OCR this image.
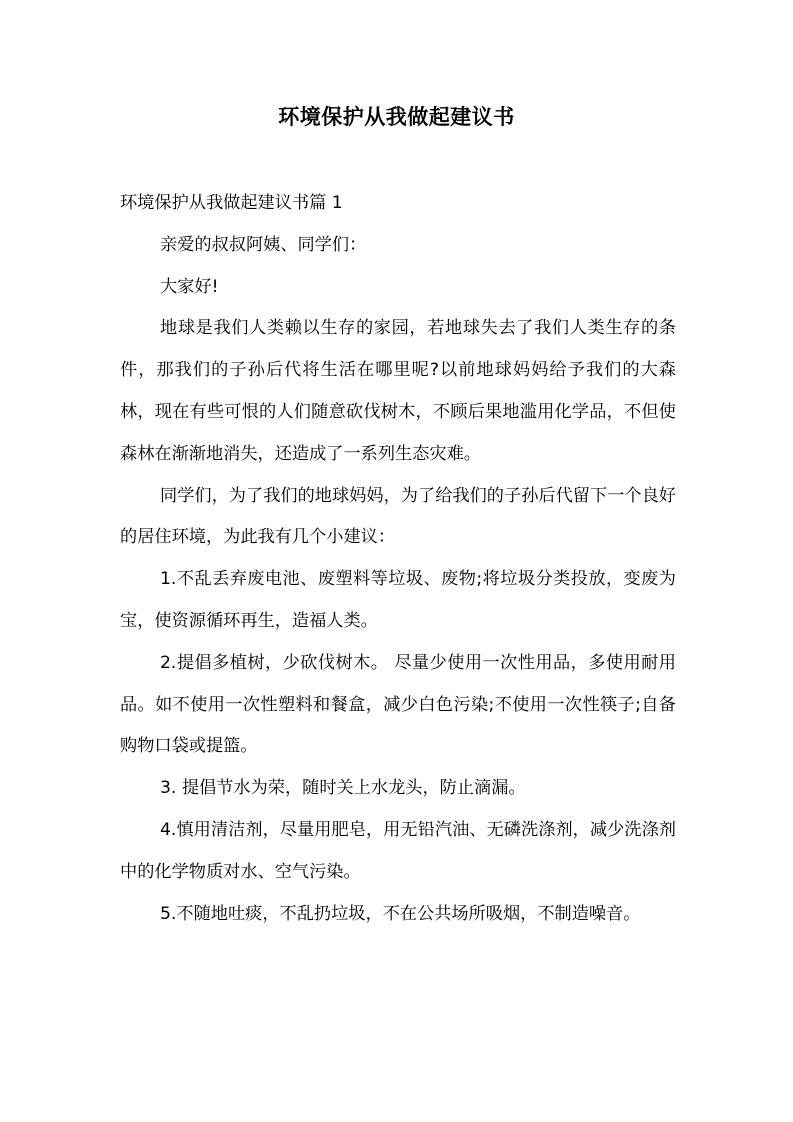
环境保护从我做起建议书

环境保护从我做起建议书篇 1

亲爱的叔叔阿姨、同学们：

大家好!

地球是我们人类赖以生存的家园，若地球失去了我们人类生存的条件，那我们的子孙后代将生活在哪里呢?以前地球妈妈给予我们的大森林，现在有些可恨的人们随意砍伐树木，不顾后果地滥用化学品，不但使森林在渐渐地消失，还造成了一系列生态灾难。

同学们，为了我们的地球妈妈，为了给我们的子孙后代留下一个良好的居住环境，为此我有几个小建议：

1.不乱丢弃废电池、废塑料等垃圾、废物;将垃圾分类投放，变废为宝，使资源循环再生，造福人类。

2.提倡多植树，少砍伐树木。 尽量少使用一次性用品，多使用耐用品。如不使用一次性塑料和餐盒，减少白色污染;不使用一次性筷子;自备购物口袋或提篮。

3. 提倡节水为荣，随时关上水龙头，防止滴漏。

4.慎用清洁剂，尽量用肥皂，用无铅汽油、无磷洗涤剂，减少洗涤剂中的化学物质对水、空气污染。

5.不随地吐痰，不乱扔垃圾，不在公共场所吸烟，不制造噪音。
